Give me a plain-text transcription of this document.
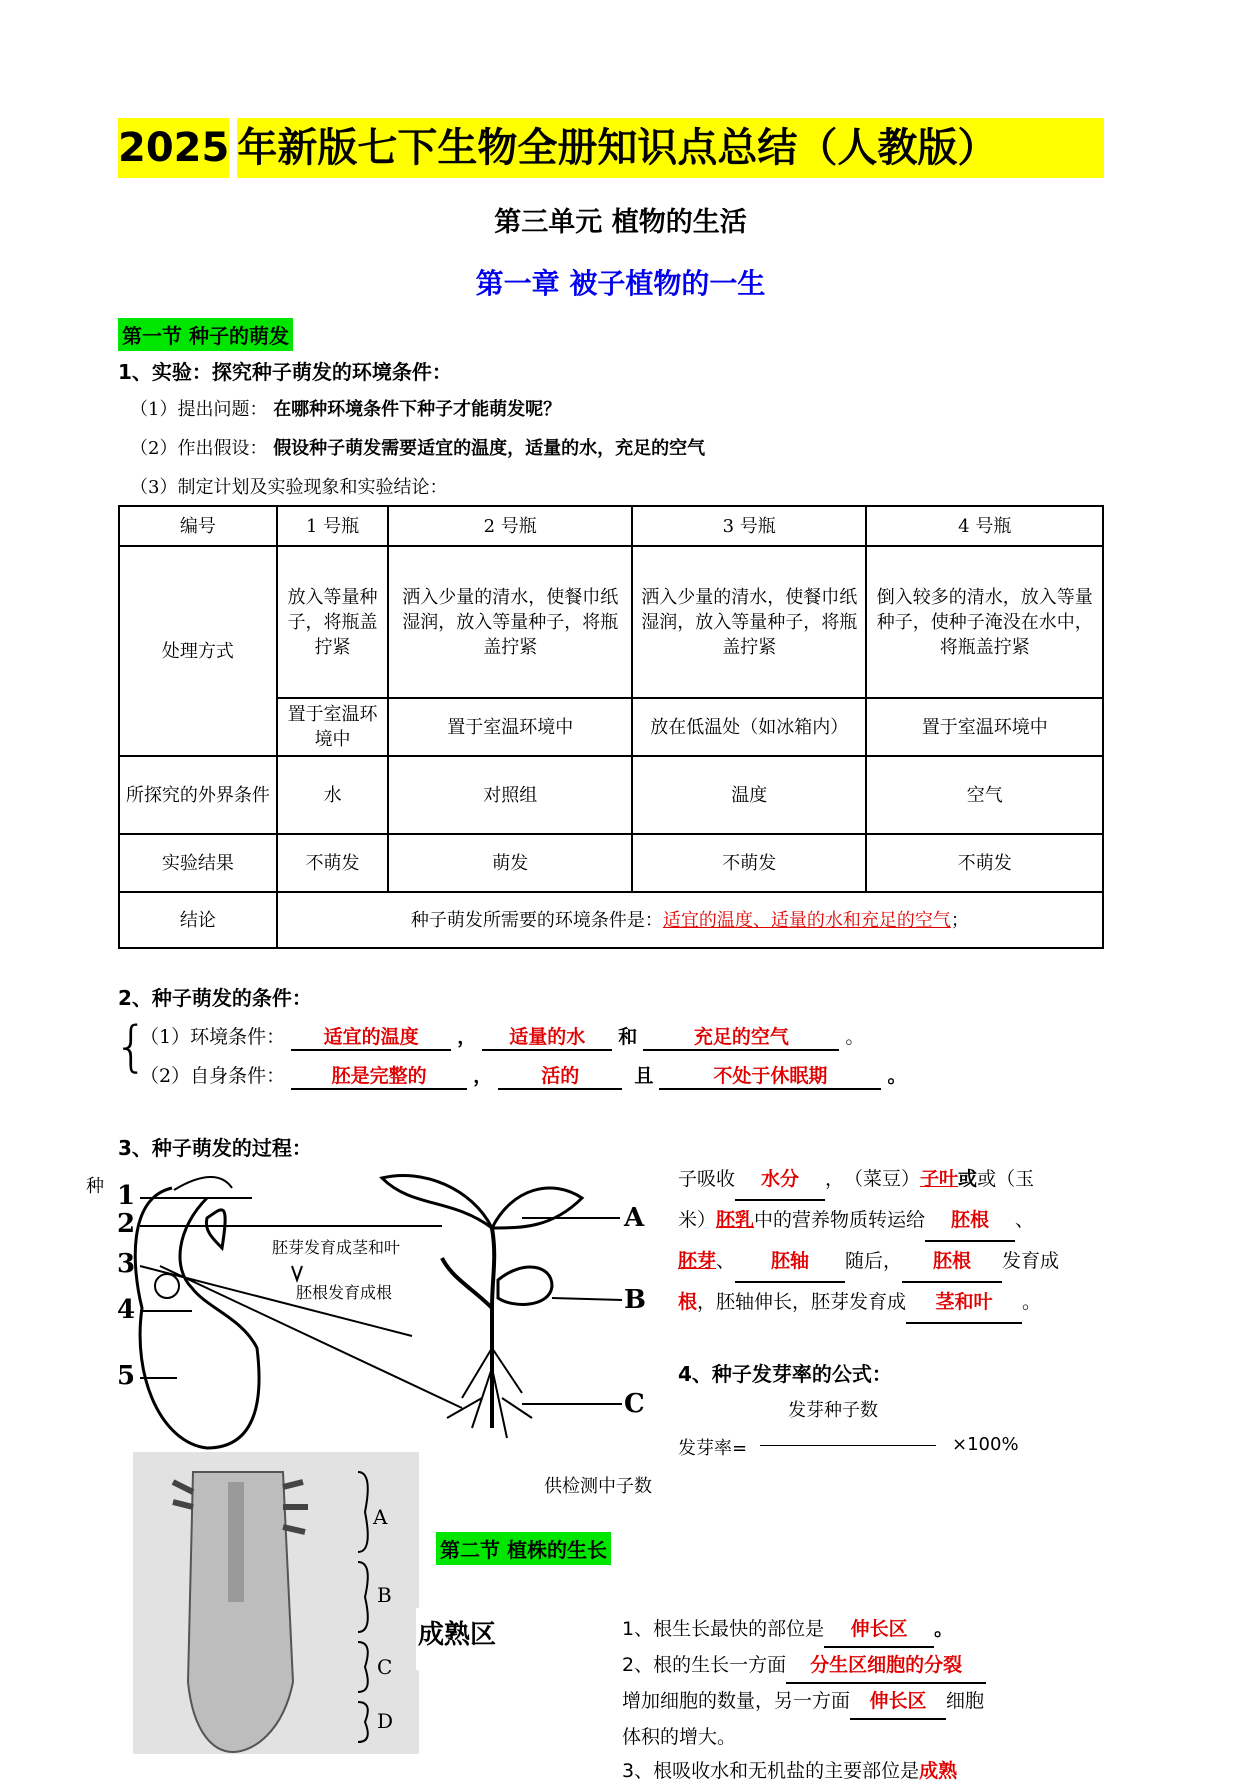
2025 年新版七下生物全册知识点总结（人教版）
第三单元 植物的生活
第一章 被子植物的一生
第一节 种子的萌发
1、实验：探究种子萌发的环境条件：
（1）提出问题： 在哪种环境条件下种子才能萌发呢？
（2）作出假设： 假设种子萌发需要适宜的温度，适量的水，充足的空气
（3）制定计划及实验现象和实验结论：
编号	1 号瓶	2 号瓶	3 号瓶	4 号瓶
处理方式	放入等量种子，将瓶盖拧紧	洒入少量的清水，使餐巾纸湿润，放入等量种子，将瓶盖拧紧	洒入少量的清水，使餐巾纸湿润，放入等量种子，将瓶盖拧紧	倒入较多的清水，放入等量种子，使种子淹没在水中，将瓶盖拧紧
	置于室温环境中	置于室温环境中	放在低温处（如冰箱内）	置于室温环境中
所探究的外界条件	水	对照组	温度	空气
实验结果	不萌发	萌发	不萌发	不萌发
结论	种子萌发所需要的环境条件是：适宜的温度、适量的水和充足的空气；			
2、种子萌发的条件：
{
（1）环境条件： 适宜的温度 ， 适量的水 和	充足的空气	。
（2）自身条件： 胚是完整的 ，	活的	且	不处于休眠期	。
3、种子萌发的过程：
种 1
2
3
4
5
A
B
C
胚芽发育成茎和叶
胚根发育成根
子吸收 水分 ，　（菜豆）子叶或或（玉
米）胚乳中的营养物质转运给 胚根 、
胚芽、 胚轴 随后， 胚根 发育成
根，胚轴伸长，胚芽发育成 茎和叶 。
4、种子发芽率的公式：
发芽种子数
发芽率=	×100%
供检测中子数
A
B
C
D
成熟区
第二节 植株的生长
1、根生长最快的部位是 伸长区 。
2、根的生长一方面 分生区细胞的分裂
增加细胞的数量，另一方面 伸长区 细胞
体积的增大。
3、根吸收水和无机盐的主要部位是成熟
